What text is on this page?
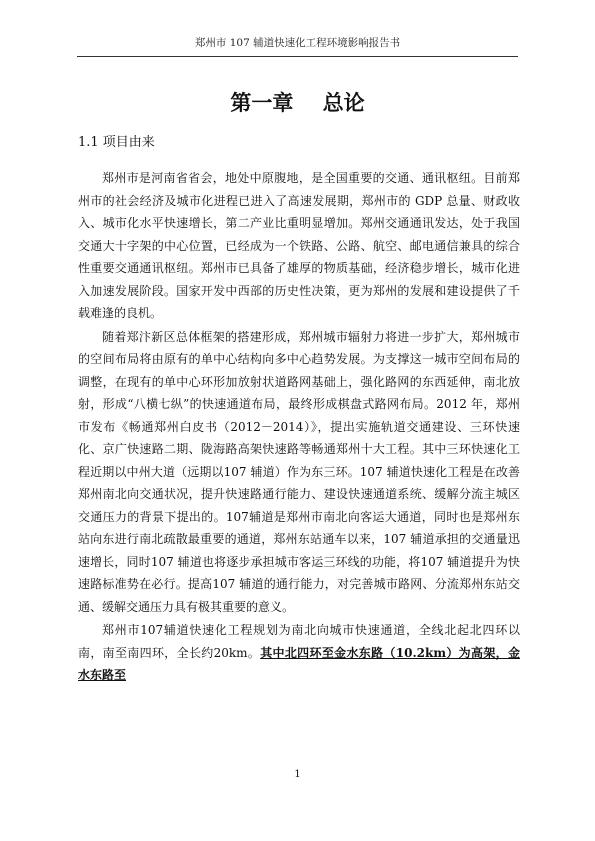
郑州市 107 辅道快速化工程环境影响报告书
第一章    总论
1.1 项目由来

郑州市是河南省省会，地处中原腹地，是全国重要的交通、通讯枢纽。目前郑州市的社会经济及城市化进程已进入了高速发展期，郑州市的 GDP 总量、财政收入、城市化水平快速增长，第二产业比重明显增加。郑州交通通讯发达，处于我国交通大十字架的中心位置，已经成为一个铁路、公路、航空、邮电通信兼具的综合性重要交通通讯枢纽。郑州市已具备了雄厚的物质基础，经济稳步增长，城市化进入加速发展阶段。国家开发中西部的历史性决策，更为郑州的发展和建设提供了千载难逢的良机。

随着郑汴新区总体框架的搭建形成，郑州城市辐射力将进一步扩大，郑州城市的空间布局将由原有的单中心结构向多中心趋势发展。为支撑这一城市空间布局的调整，在现有的单中心环形加放射状道路网基础上，强化路网的东西延伸，南北放射，形成“八横七纵”的快速通道布局，最终形成棋盘式路网布局。2012 年，郑州市发布《畅通郑州白皮书（2012－2014）》，提出实施轨道交通建设、三环快速化、京广快速路二期、陇海路高架快速路等畅通郑州十大工程。其中三环快速化工程近期以中州大道（远期以107 辅道）作为东三环。107 辅道快速化工程是在改善郑州南北向交通状况，提升快速路通行能力、建设快速通道系统、缓解分流主城区交通压力的背景下提出的。107辅道是郑州市南北向客运大通道，同时也是郑州东站向东进行南北疏散最重要的通道，郑州东站通车以来，107 辅道承担的交通量迅速增长，同时107 辅道也将逐步承担城市客运三环线的功能，将107 辅道提升为快速路标准势在必行。提高107 辅道的通行能力，对完善城市路网、分流郑州东站交通、缓解交通压力具有极其重要的意义。

郑州市107辅道快速化工程规划为南北向城市快速通道，全线北起北四环以南，南至南四环，全长约20km。其中北四环至金水东路（10.2km）为高架，金水东路至

1
